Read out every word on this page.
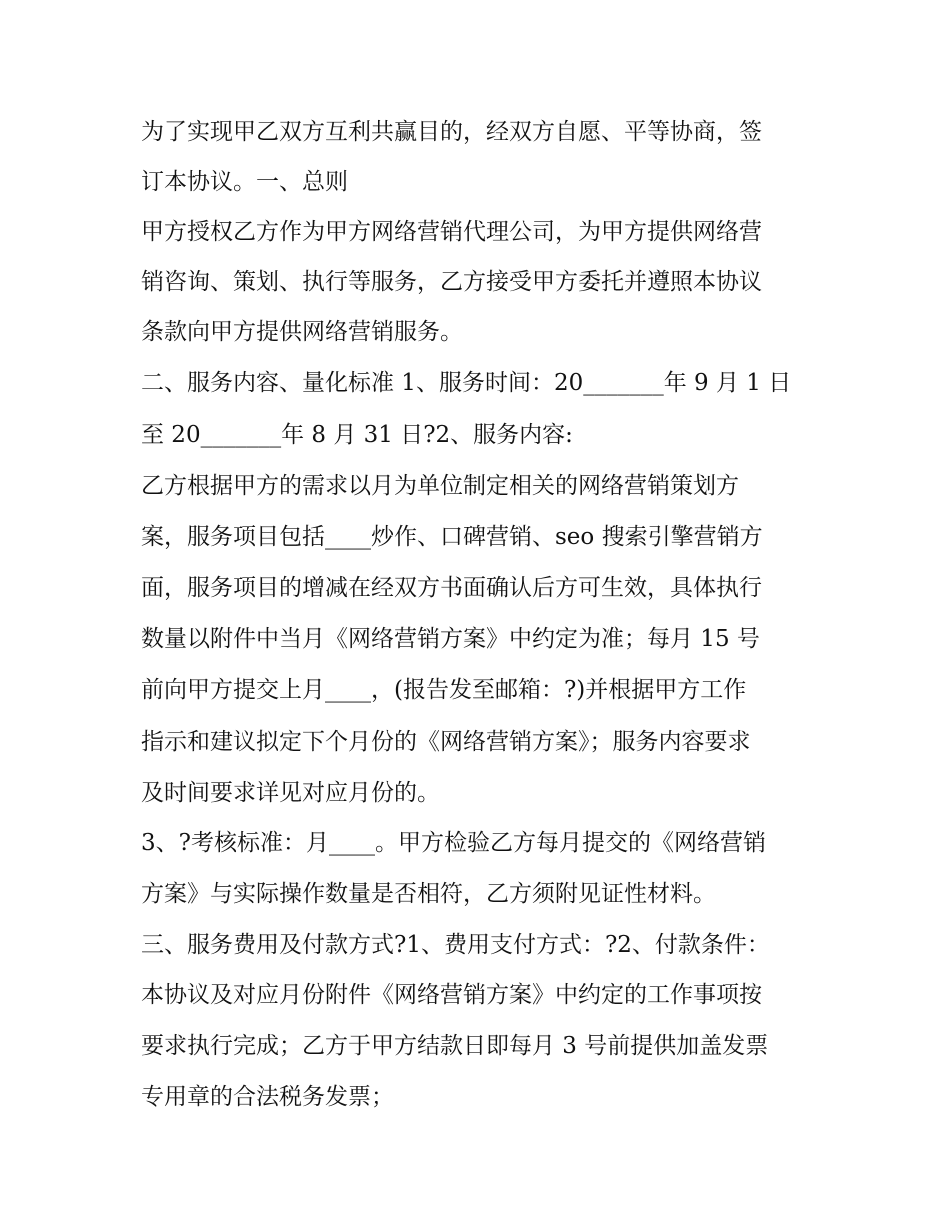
为了实现甲乙双方互利共赢目的，经双方自愿、平等协商，签
订本协议。一、总则
甲方授权乙方作为甲方网络营销代理公司，为甲方提供网络营
销咨询、策划、执行等服务，乙方接受甲方委托并遵照本协议
条款向甲方提供网络营销服务。
二、服务内容、量化标准 1、服务时间：20_______年 9 月 1 日
至 20_______年 8 月 31 日?2、服务内容:
乙方根据甲方的需求以月为单位制定相关的网络营销策划方
案，服务项目包括____炒作、口碑营销、seo 搜索引擎营销方
面，服务项目的增减在经双方书面确认后方可生效，具体执行
数量以附件中当月《网络营销方案》中约定为准；每月 15 号
前向甲方提交上月____，(报告发至邮箱：?)并根据甲方工作
指示和建议拟定下个月份的《网络营销方案》；服务内容要求
及时间要求详见对应月份的。
3、?考核标准：月____。甲方检验乙方每月提交的《网络营销
方案》与实际操作数量是否相符，乙方须附见证性材料。
三、服务费用及付款方式?1、费用支付方式：?2、付款条件：
本协议及对应月份附件《网络营销方案》中约定的工作事项按
要求执行完成；乙方于甲方结款日即每月 3 号前提供加盖发票
专用章的合法税务发票；
